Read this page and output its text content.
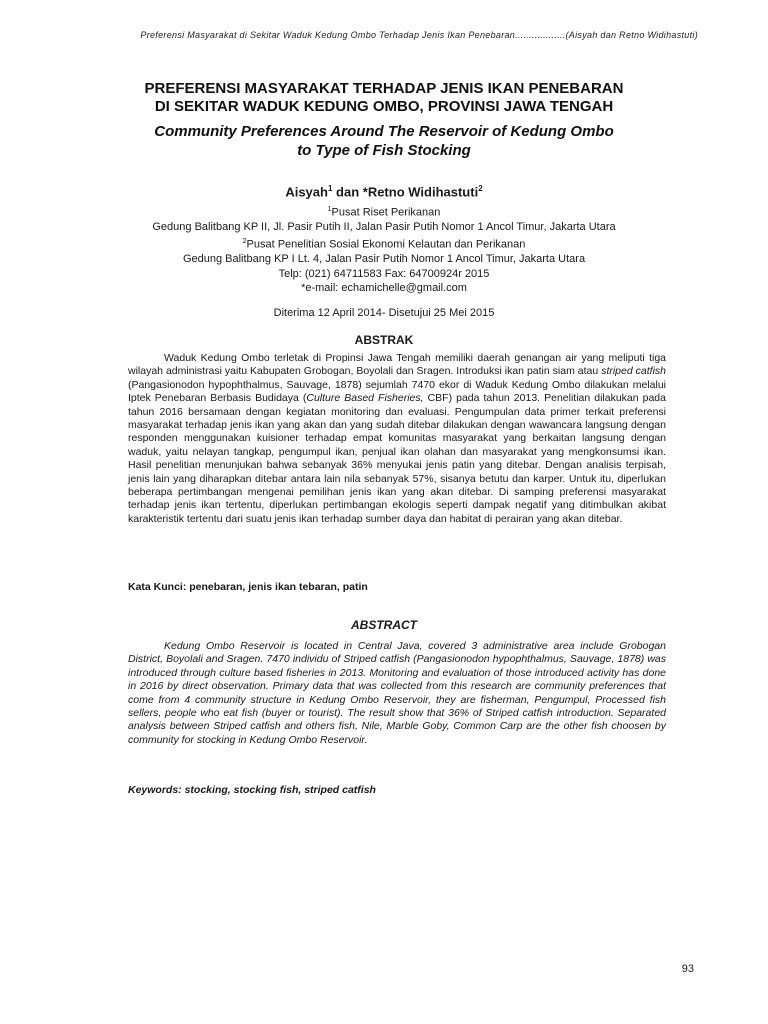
Preferensi Masyarakat di Sekitar Waduk Kedung Ombo Terhadap Jenis Ikan Penebaran..................(Aisyah dan Retno Widihastuti)

PREFERENSI MASYARAKAT TERHADAP JENIS IKAN PENEBARAN
DI SEKITAR WADUK KEDUNG OMBO, PROVINSI JAWA TENGAH

Community Preferences Around The Reservoir of Kedung Ombo
to Type of Fish Stocking

Aisyah$^1$ dan *Retno Widihastuti$^2$
$^1$Pusat Riset Perikanan
Gedung Balitbang KP II, Jl. Pasir Putih II, Jalan Pasir Putih Nomor 1 Ancol Timur, Jakarta Utara
$^2$Pusat Penelitian Sosial Ekonomi Kelautan dan Perikanan
Gedung Balitbang KP I Lt. 4, Jalan Pasir Putih Nomor 1 Ancol Timur, Jakarta Utara
Telp: (021) 64711583 Fax: 64700924r 2015
*e-mail: echamichelle@gmail.com
Diterima 12 April 2014- Disetujui 25 Mei 2015
ABSTRAK
Waduk Kedung Ombo terletak di Propinsi Jawa Tengah memiliki daerah genangan air yang meliputi tiga wilayah administrasi yaitu Kabupaten Grobogan, Boyolali dan Sragen. Introduksi ikan patin siam atau striped catfish (Pangasionodon hypophthalmus, Sauvage, 1878) sejumlah 7470 ekor di Waduk Kedung Ombo dilakukan melalui Iptek Penebaran Berbasis Budidaya (Culture Based Fisheries, CBF) pada tahun 2013. Penelitian dilakukan pada tahun 2016 bersamaan dengan kegiatan monitoring dan evaluasi. Pengumpulan data primer terkait preferensi masyarakat terhadap jenis ikan yang akan dan yang sudah ditebar dilakukan dengan wawancara langsung dengan responden menggunakan kuisioner terhadap empat komunitas masyarakat yang berkaitan langsung dengan waduk, yaitu nelayan tangkap, pengumpul ikan, penjual ikan olahan dan masyarakat yang mengkonsumsi ikan. Hasil penelitian menunjukan bahwa sebanyak 36% menyukai jenis patin yang ditebar. Dengan analisis terpisah, jenis lain yang diharapkan ditebar antara lain nila sebanyak 57%, sisanya betutu dan karper. Untuk itu, diperlukan beberapa pertimbangan mengenai pemilihan jenis ikan yang akan ditebar. Di samping preferensi masyarakat terhadap jenis ikan tertentu, diperlukan pertimbangan ekologis seperti dampak negatif yang ditimbulkan akibat karakteristik tertentu dari suatu jenis ikan terhadap sumber daya dan habitat di perairan yang akan ditebar.
Kata Kunci: penebaran, jenis ikan tebaran, patin
ABSTRACT
Kedung Ombo Reservoir is located in Central Java, covered 3 administrative area include Grobogan District, Boyolali and Sragen. 7470 individu of Striped catfish (Pangasionodon hypophthalmus, Sauvage, 1878) was introduced through culture based fisheries in 2013. Monitoring and evaluation of those introduced activity has done in 2016 by direct observation. Primary data that was collected from this research are community preferences that come from 4 community structure in Kedung Ombo Reservoir, they are fisherman, Pengumpul, Processed fish sellers, people who eat fish (buyer or tourist). The result show that 36% of Striped catfish introduction. Separated analysis between Striped catfish and others fish, Nile, Marble Goby, Common Carp are the other fish choosen by community for stocking in Kedung Ombo Reservoir.
Keywords: stocking, stocking fish, striped catfish
93
